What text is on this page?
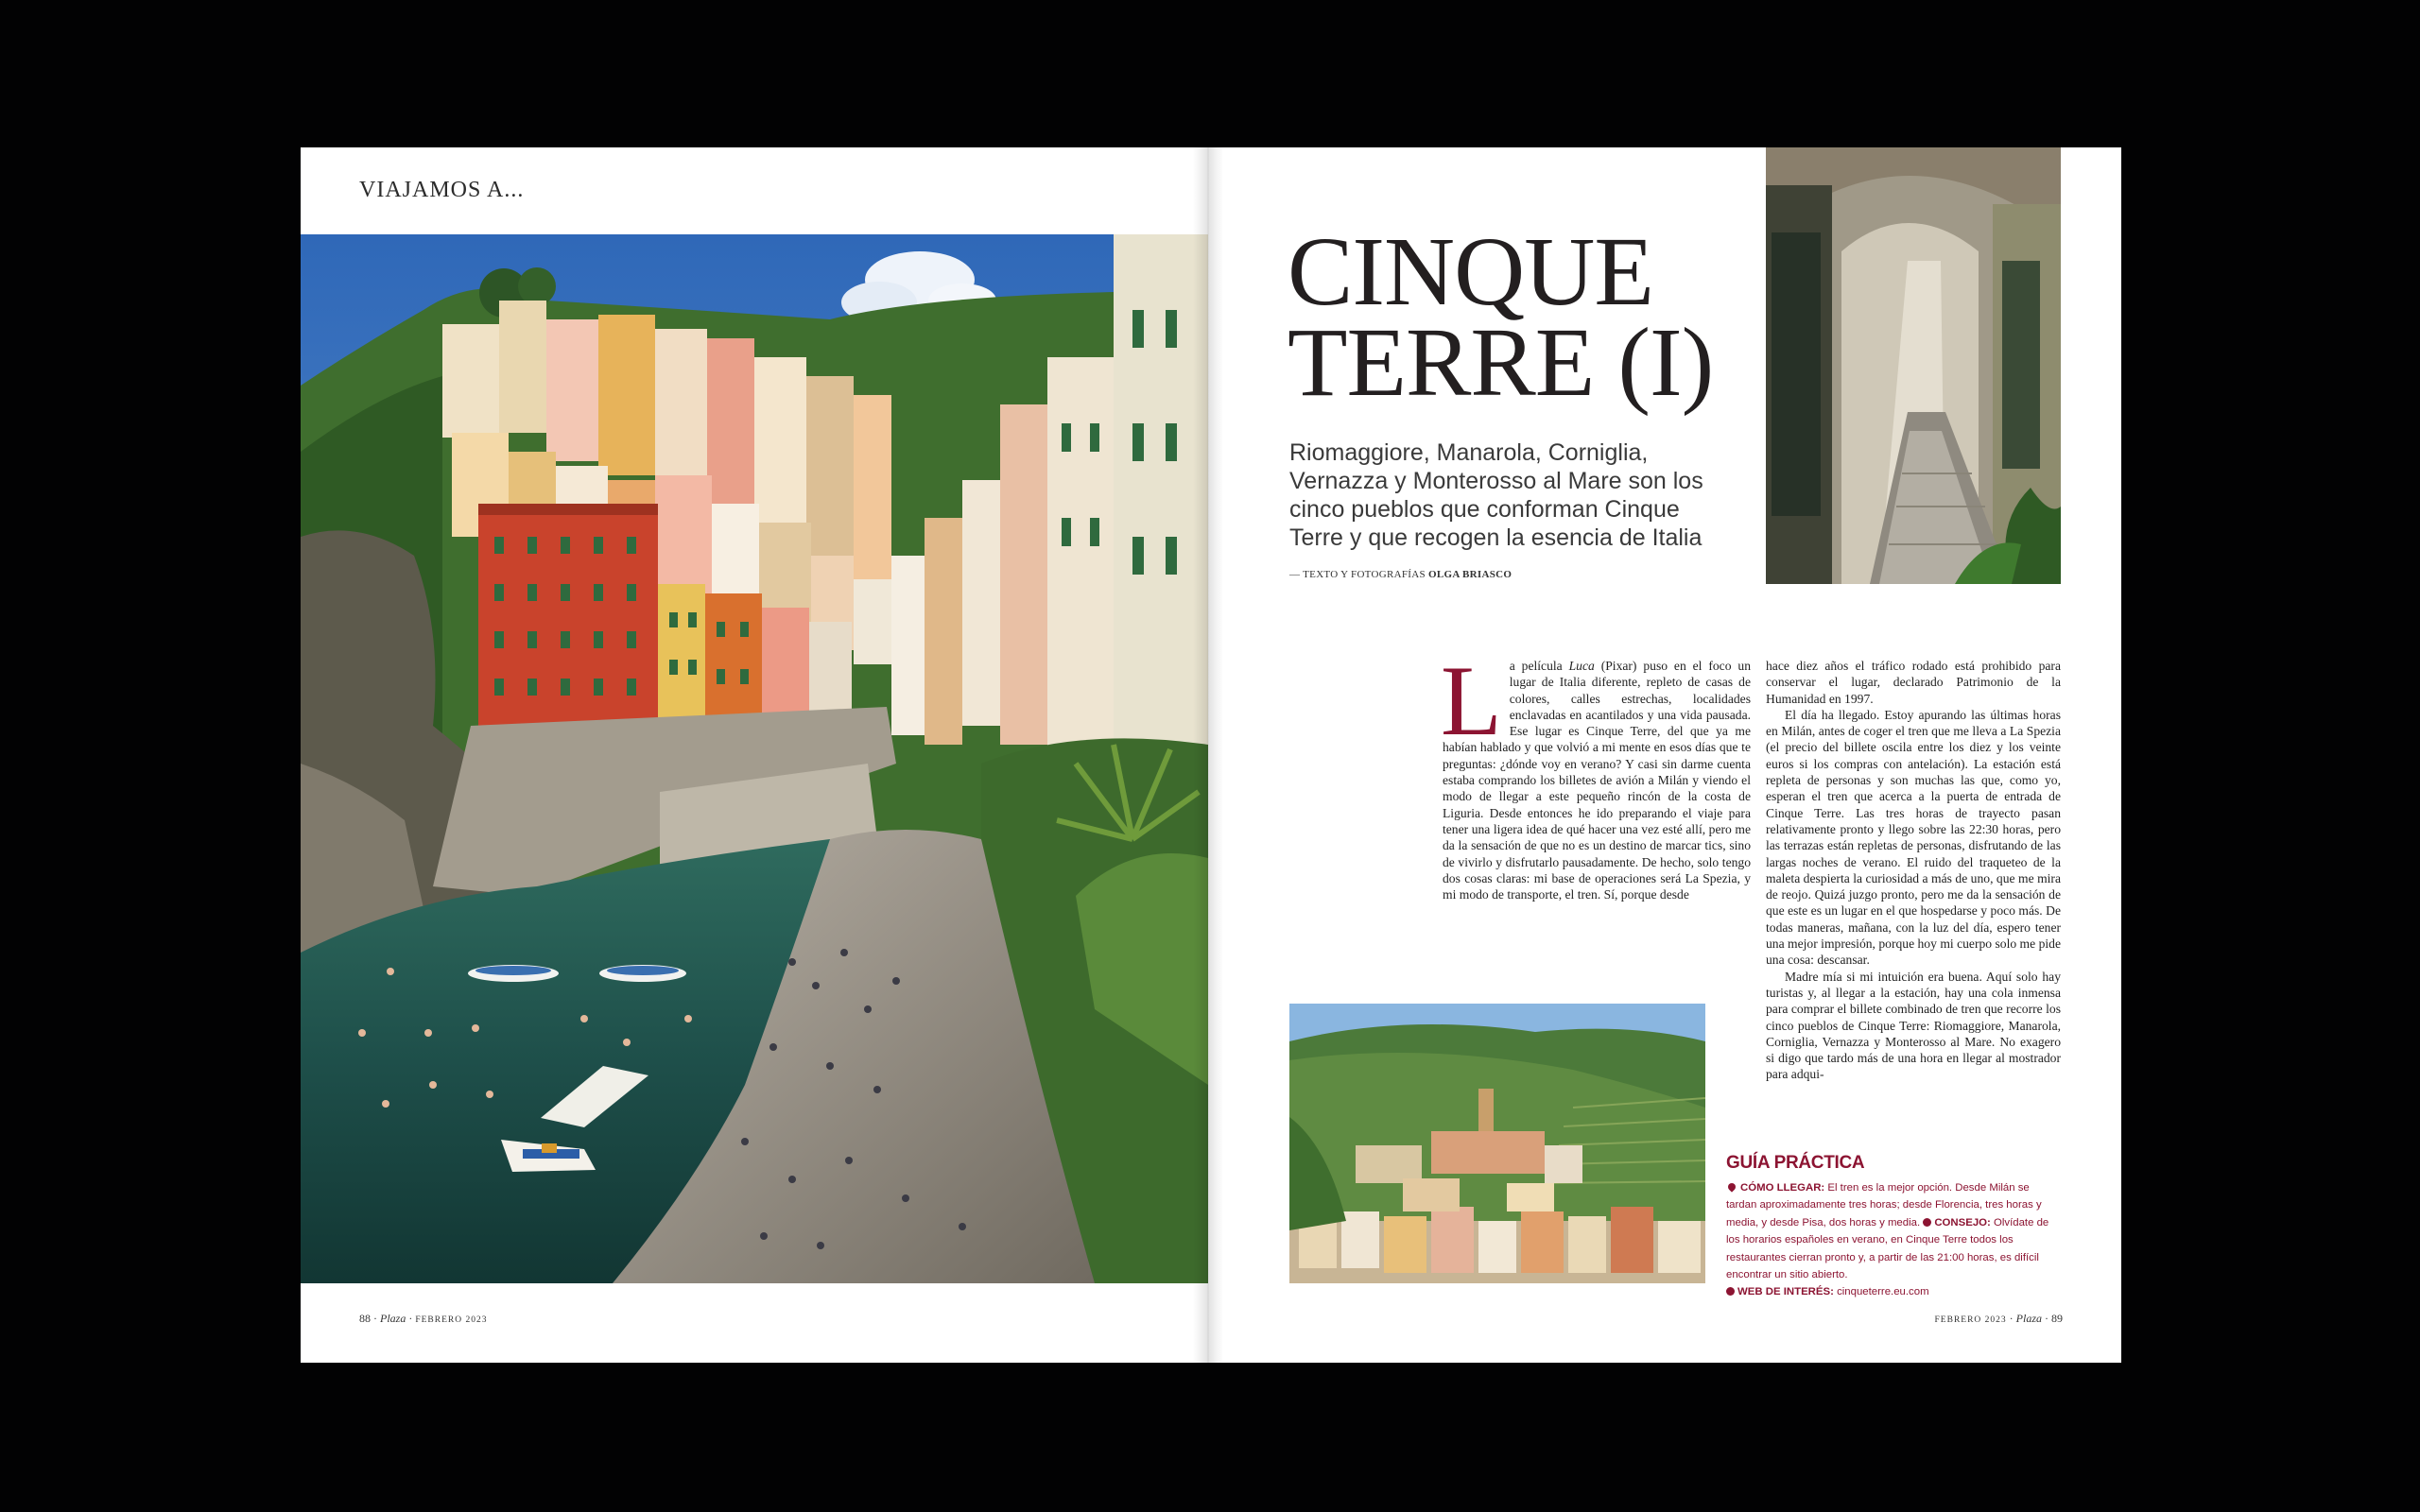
VIAJAMOS A...
88 · Plaza · FEBRERO 2023
CINQUE
TERRE (I)

Riomaggiore, Manarola, Corniglia, Vernazza y Monterosso al Mare son los cinco pueblos que conforman Cinque Terre y que recogen la esencia de Italia

— TEXTO Y FOTOGRAFÍAS OLGA BRIASCO

La película Luca (Pixar) puso en el foco un lugar de Italia diferente, repleto de casas de colores, calles estrechas, localidades enclavadas en acantilados y una vida pausada. Ese lugar es Cinque Terre, del que ya me habían hablado y que volvió a mi mente en esos días que te preguntas: ¿dónde voy en verano? Y casi sin darme cuenta estaba comprando los billetes de avión a Milán y viendo el modo de llegar a este pequeño rincón de la costa de Liguria. Desde entonces he ido preparando el viaje para tener una ligera idea de qué hacer una vez esté allí, pero me da la sensación de que no es un destino de marcar tics, sino de vivirlo y disfrutarlo pausadamente. De hecho, solo tengo dos cosas claras: mi base de operaciones será La Spezia, y mi modo de transporte, el tren. Sí, porque desde

hace diez años el tráfico rodado está prohibido para conservar el lugar, declarado Patrimonio de la Humanidad en 1997.
El día ha llegado. Estoy apurando las últimas horas en Milán, antes de coger el tren que me lleva a La Spezia (el precio del billete oscila entre los diez y los veinte euros si los compras con antelación). La estación está repleta de personas y son muchas las que, como yo, esperan el tren que acerca a la puerta de entrada de Cinque Terre. Las tres horas de trayecto pasan relativamente pronto y llego sobre las 22:30 horas, pero las terrazas están repletas de personas, disfrutando de las largas noches de verano. El ruido del traqueteo de la maleta despierta la curiosidad a más de uno, que me mira de reojo. Quizá juzgo pronto, pero me da la sensación de que este es un lugar en el que hospedarse y poco más. De todas maneras, mañana, con la luz del día, espero tener una mejor impresión, porque hoy mi cuerpo solo me pide una cosa: descansar.
Madre mía si mi intuición era buena. Aquí solo hay turistas y, al llegar a la estación, hay una cola inmensa para comprar el billete combinado de tren que recorre los cinco pueblos de Cinque Terre: Riomaggiore, Manarola, Corniglia, Vernazza y Monterosso al Mare. No exagero si digo que tardo más de una hora en llegar al mostrador para adqui-
GUÍA PRÁCTICA
CÓMO LLEGAR: El tren es la mejor opción. Desde Milán se tardan aproximadamente tres horas; desde Florencia, tres horas y media, y desde Pisa, dos horas y media. CONSEJO: Olvídate de los horarios españoles en verano, en Cinque Terre todos los restaurantes cierran pronto y, a partir de las 21:00 horas, es difícil encontrar un sitio abierto.
WEB DE INTERÉS: cinqueterre.eu.com
FEBRERO 2023 · Plaza · 89
